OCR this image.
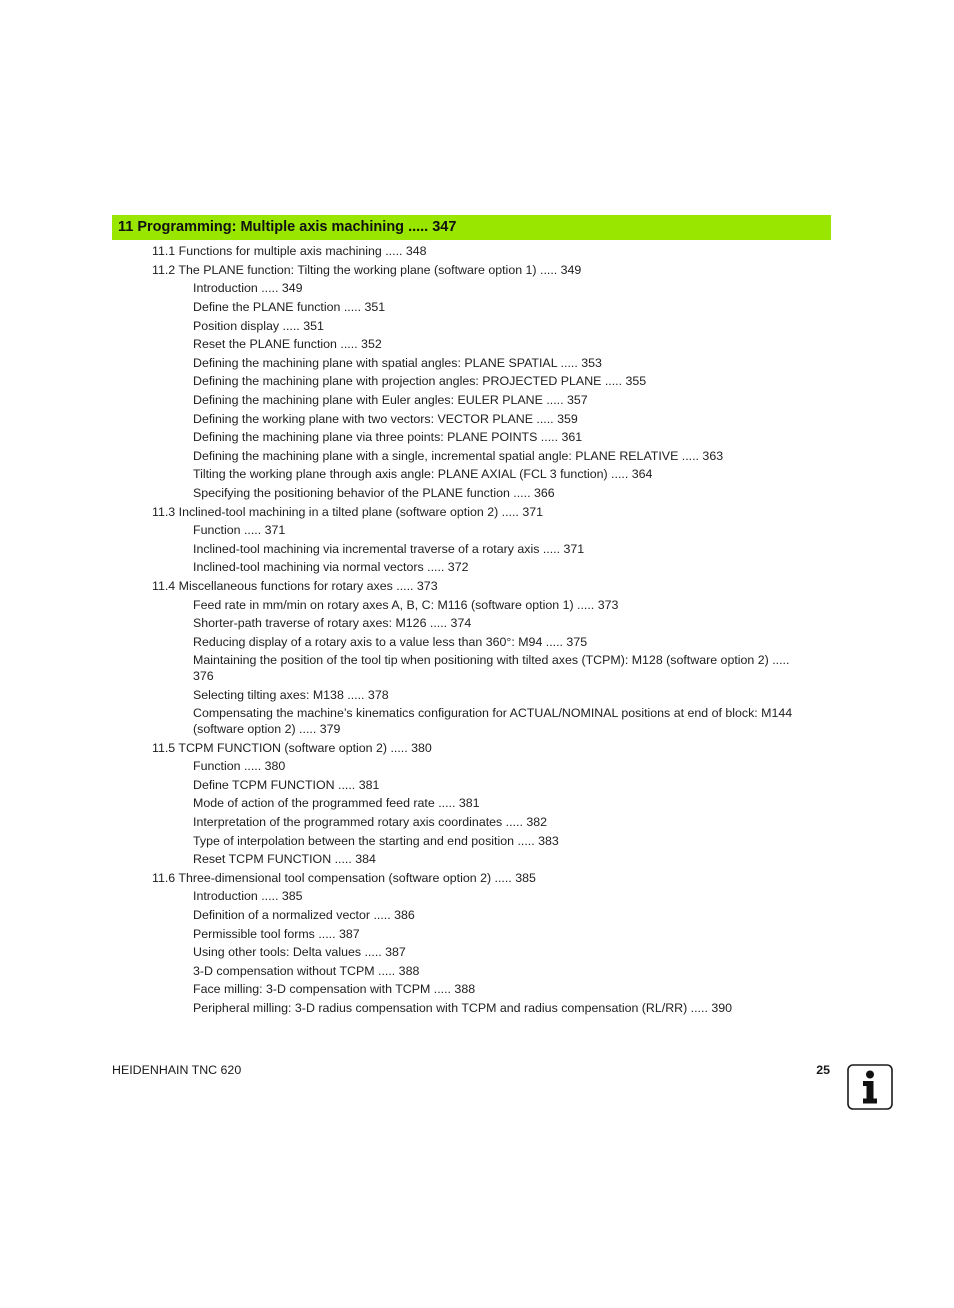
11 Programming: Multiple axis machining ..... 347
11.1 Functions for multiple axis machining ..... 348
11.2 The PLANE function: Tilting the working plane (software option 1) ..... 349
Introduction ..... 349
Define the PLANE function ..... 351
Position display ..... 351
Reset the PLANE function ..... 352
Defining the machining plane with spatial angles: PLANE SPATIAL ..... 353
Defining the machining plane with projection angles: PROJECTED PLANE ..... 355
Defining the machining plane with Euler angles: EULER PLANE ..... 357
Defining the working plane with two vectors: VECTOR PLANE ..... 359
Defining the machining plane via three points: PLANE POINTS ..... 361
Defining the machining plane with a single, incremental spatial angle: PLANE RELATIVE ..... 363
Tilting the working plane through axis angle: PLANE AXIAL (FCL 3 function) ..... 364
Specifying the positioning behavior of the PLANE function ..... 366
11.3 Inclined-tool machining in a tilted plane (software option 2) ..... 371
Function ..... 371
Inclined-tool machining via incremental traverse of a rotary axis ..... 371
Inclined-tool machining via normal vectors ..... 372
11.4 Miscellaneous functions for rotary axes ..... 373
Feed rate in mm/min on rotary axes A, B, C: M116 (software option 1) ..... 373
Shorter-path traverse of rotary axes: M126 ..... 374
Reducing display of a rotary axis to a value less than 360°: M94 ..... 375
Maintaining the position of the tool tip when positioning with tilted axes (TCPM): M128 (software option 2) ..... 376
Selecting tilting axes: M138 ..... 378
Compensating the machine’s kinematics configuration for ACTUAL/NOMINAL positions at end of block: M144 (software option 2) ..... 379
11.5 TCPM FUNCTION (software option 2) ..... 380
Function ..... 380
Define TCPM FUNCTION ..... 381
Mode of action of the programmed feed rate ..... 381
Interpretation of the programmed rotary axis coordinates ..... 382
Type of interpolation between the starting and end position ..... 383
Reset TCPM FUNCTION ..... 384
11.6 Three-dimensional tool compensation (software option 2) ..... 385
Introduction ..... 385
Definition of a normalized vector ..... 386
Permissible tool forms ..... 387
Using other tools: Delta values ..... 387
3-D compensation without TCPM ..... 388
Face milling: 3-D compensation with TCPM ..... 388
Peripheral milling: 3-D radius compensation with TCPM and radius compensation (RL/RR) ..... 390
HEIDENHAIN TNC 620	25
